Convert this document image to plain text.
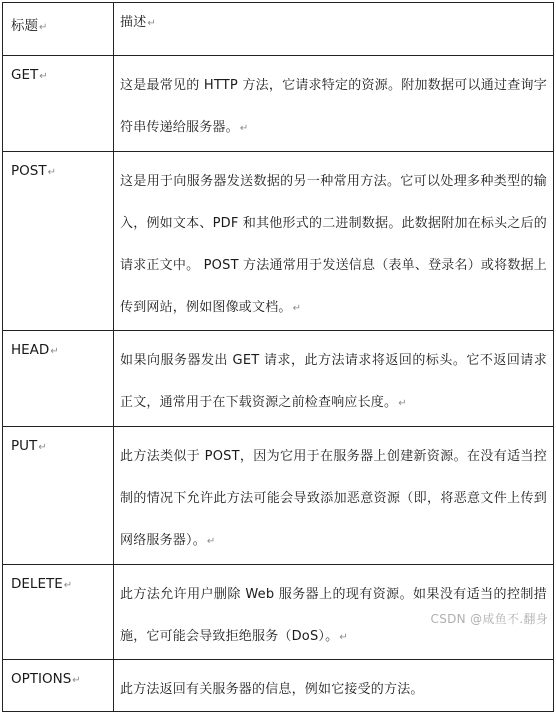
标题↵	描述↵
GET↵	这是最常见的 HTTP 方法，它请求特定的资源。附加数据可以通过查询字符串传递给服务器。↵
POST↵	这是用于向服务器发送数据的另一种常用方法。它可以处理多种类型的输入，例如文本、PDF 和其他形式的二进制数据。此数据附加在标头之后的请求正文中。 POST 方法通常用于发送信息（表单、登录名）或将数据上传到网站，例如图像或文档。↵
HEAD↵	如果向服务器发出 GET 请求，此方法请求将返回的标头。它不返回请求正文，通常用于在下载资源之前检查响应长度。↵
PUT↵	此方法类似于 POST，因为它用于在服务器上创建新资源。在没有适当控制的情况下允许此方法可能会导致添加恶意资源（即，将恶意文件上传到网络服务器）。↵
DELETE↵	此方法允许用户删除 Web 服务器上的现有资源。如果没有适当的控制措施，它可能会导致拒绝服务（DoS）。↵
OPTIONS↵	此方法返回有关服务器的信息，例如它接受的方法。
CSDN @咸鱼不.翻身
